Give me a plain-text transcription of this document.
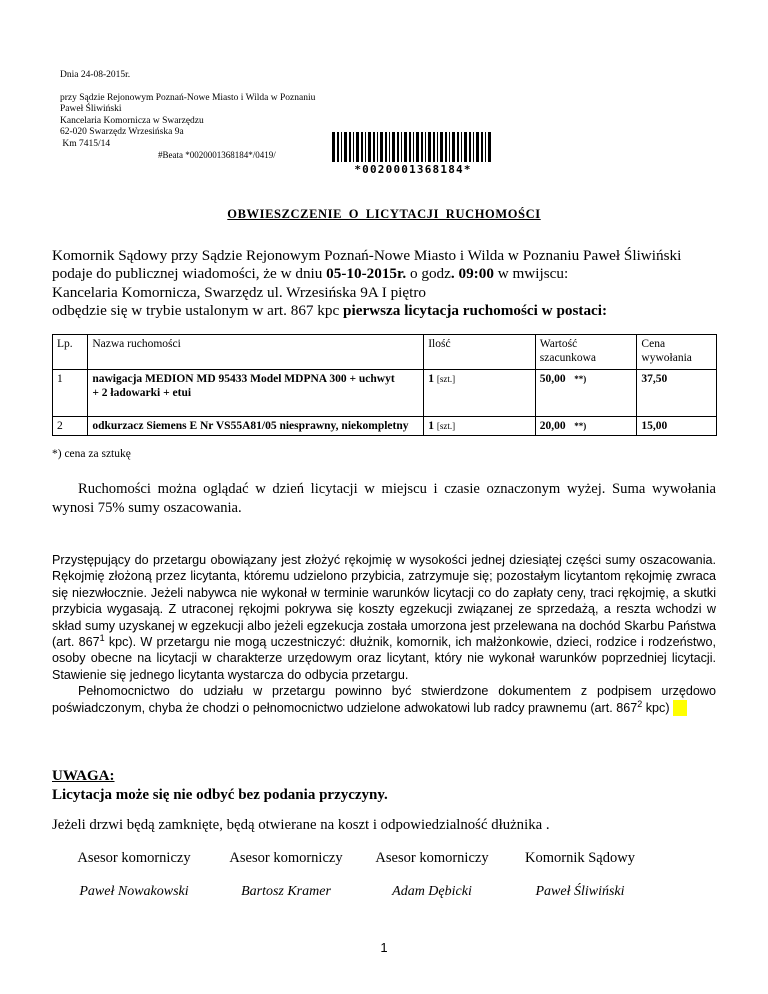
Dnia 24-08-2015r.

przy Sądzie Rejonowym Poznań-Nowe Miasto i Wilda w Poznaniu

Paweł Śliwiński

Kancelaria Komornicza w Swarzędzu

62-020 Swarzędz Wrzesińska 9a

Km 7415/14

#Beata *0020001368184*/0419/
*0020001368184*
OBWIESZCZENIE O LICYTACJI RUCHOMOŚCI

Komornik Sądowy przy Sądzie Rejonowym Poznań-Nowe Miasto i Wilda w Poznaniu Paweł Śliwiński

podaje do publicznej wiadomości, że w dniu 05-10-2015r. o godz. 09:00 w mwijscu:

Kancelaria Komornicza, Swarzędz ul. Wrzesińska 9A I piętro

odbędzie się w trybie ustalonym w art. 867 kpc pierwsza licytacja ruchomości w postaci:

Lp.	Nazwa ruchomości	Ilość	Wartość szacunkowa	Cena wywołania
1	nawigacja MEDION MD 95433 Model MDPNA 300 + uchwyt
+ 2 ładowarki + etui	1 [szt.]	50,00 **)	37,50
2	odkurzacz Siemens E Nr VS55A81/05 niesprawny, niekompletny	1 [szt.]	20,00 **)	15,00
*) cena za sztukę
Ruchomości można oglądać w dzień licytacji w miejscu i czasie oznaczonym wyżej. Suma wywołania wynosi 75% sumy oszacowania.

Przystępujący do przetargu obowiązany jest złożyć rękojmię w wysokości jednej dziesiątej części sumy oszacowania. Rękojmię złożoną przez licytanta, któremu udzielono przybicia, zatrzymuje się; pozostałym licytantom rękojmię zwraca się niezwłocznie. Jeżeli nabywca nie wykonał w terminie warunków licytacji co do zapłaty ceny, traci rękojmię, a skutki przybicia wygasają. Z utraconej rękojmi pokrywa się koszty egzekucji związanej ze sprzedażą, a reszta wchodzi w skład sumy uzyskanej w egzekucji albo jeżeli egzekucja została umorzona jest przelewana na dochód Skarbu Państwa (art. $867^1$ kpc). W przetargu nie mogą uczestniczyć: dłużnik, komornik, ich małżonkowie, dzieci, rodzice i rodzeństwo, osoby obecne na licytacji w charakterze urzędowym oraz licytant, który nie wykonał warunków poprzedniej licytacji. Stawienie się jednego licytanta wystarcza do odbycia przetargu.

Pełnomocnictwo do udziału w przetargu powinno być stwierdzone dokumentem z podpisem urzędowo poświadczonym, chyba że chodzi o pełnomocnictwo udzielone adwokatowi lub radcy prawnemu (art. $867^2$ kpc)

UWAGA:
Licytacja może się nie odbyć bez podania przyczyny.
Jeżeli drzwi będą zamknięte, będą otwierane na koszt i odpowiedzialność dłużnika .
Asesor komorniczy
Paweł Nowakowski
Asesor komorniczy
Bartosz Kramer
Asesor komorniczy
Adam Dębicki
Komornik Sądowy
Paweł Śliwiński
1
